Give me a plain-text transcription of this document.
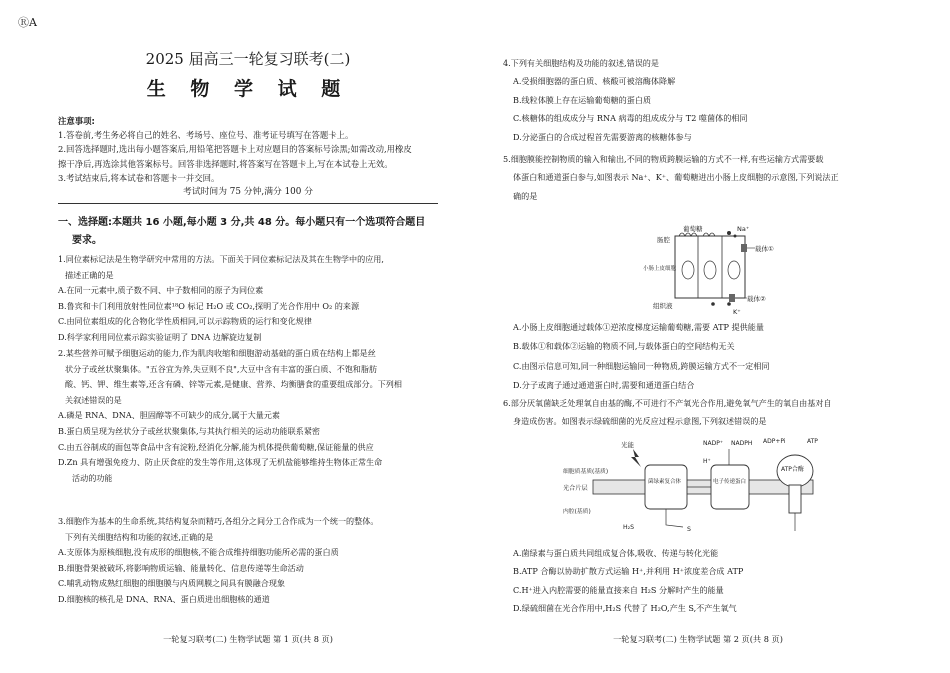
ⓇA
2025 届高三一轮复习联考(二)
生 物 学 试 题
注意事项:
1.答卷前,考生务必将自己的姓名、考场号、座位号、准考证号填写在答题卡上。
2.回答选择题时,选出每小题答案后,用铅笔把答题卡上对应题目的答案标号涂黑;如需改动,用橡皮
擦干净后,再选涂其他答案标号。回答非选择题时,将答案写在答题卡上,写在本试卷上无效。
3.考试结束后,将本试卷和答题卡一并交回。
考试时间为 75 分钟,满分 100 分
一、选择题:本题共 16 小题,每小题 3 分,共 48 分。每小题只有一个选项符合题目
要求。

1.同位素标记法是生物学研究中常用的方法。下面关于同位素标记法及其在生物学中的应用,

描述正确的是

A.在同一元素中,质子数不同、中子数相同的原子为同位素

B.鲁宾和卡门利用放射性同位素¹⁸O 标记 H₂O 或 CO₂,探明了光合作用中 O₂ 的来源

C.由同位素组成的化合物化学性质相同,可以示踪物质的运行和变化规律

D.科学家利用同位素示踪实验证明了 DNA 边解旋边复制

2.某些营养可赋予细胞运动的能力,作为肌肉收缩和细胞游动基础的蛋白质在结构上都是丝

状分子或丝状聚集体。"五谷宜为养,失豆则不良",大豆中含有丰富的蛋白质、不饱和脂肪

酸、钙、钾、维生素等,还含有磷、锌等元素,是健康、营养、均衡膳食的重要组成部分。下列相

关叙述错误的是

A.磷是 RNA、DNA、胆固醇等不可缺少的成分,属于大量元素

B.蛋白质呈现为丝状分子或丝状聚集体,与其执行相关的运动功能联系紧密

C.由五谷制成的面包等食品中含有淀粉,经消化分解,能为机体提供葡萄糖,保证能量的供应

D.Zn 具有增强免疫力、防止厌食症的发生等作用,这体现了无机盐能够维持生物体正常生命

活动的功能

3.细胞作为基本的生命系统,其结构复杂而精巧,各组分之间分工合作成为一个统一的整体。

下列有关细胞结构和功能的叙述,正确的是

A.支原体为原核细胞,没有成形的细胞核,不能合成维持细胞功能所必需的蛋白质

B.细胞骨架被破坏,将影响物质运输、能量转化、信息传递等生命活动

C.哺乳动物成熟红细胞的细胞膜与内质网膜之间具有膜融合现象

D.细胞核的核孔是 DNA、RNA、蛋白质进出细胞核的通道

一轮复习联考(二) 生物学试题 第 1 页(共 8 页)

4.下列有关细胞结构及功能的叙述,错误的是

A.受损细胞器的蛋白质、核酸可被溶酶体降解

B.线粒体膜上存在运输葡萄糖的蛋白质

C.核糖体的组成成分与 RNA 病毒的组成成分与 T2 噬菌体的相同

D.分泌蛋白的合成过程首先需要游离的核糖体参与

5.细胞膜能控制物质的输入和输出,不同的物质跨膜运输的方式不一样,有些运输方式需要载

体蛋白和通道蛋白参与,如图表示 Na⁺、K⁺、葡萄糖进出小肠上皮细胞的示意图,下列说法正

确的是

葡萄糖	Na⁺
肠腔
载体①
小肠上皮细胞
载体②
组织液
K⁺

A.小肠上皮细胞通过载体①逆浓度梯度运输葡萄糖,需要 ATP 提供能量

B.载体①和载体②运输的物质不同,与载体蛋白的空间结构无关

C.由图示信息可知,同一种细胞运输同一种物质,跨膜运输方式不一定相同

D.分子或离子通过通道蛋白时,需要和通道蛋白结合

6.部分厌氧菌缺乏处理氧自由基的酶,不可进行不产氧光合作用,避免氧气产生的氧自由基对自

身造成伤害。如图表示绿硫细菌的光反应过程示意图,下列叙述错误的是

光能
细胞质基质(基质)
光合片层
内腔(基质)
菌绿素复合体	电子传递蛋白
ATP合酶
NADP⁺ NADPH ADP+Pi	ATP
H⁺
H₂S	S

A.菌绿素与蛋白质共同组成复合体,吸收、传递与转化光能

B.ATP 合酶以协助扩散方式运输 H⁺,并利用 H⁺浓度差合成 ATP

C.H⁺进入内腔需要的能量直接来自 H₂S 分解时产生的能量

D.绿硫细菌在光合作用中,H₂S 代替了 H₂O,产生 S,不产生氧气

一轮复习联考(二) 生物学试题 第 2 页(共 8 页)
